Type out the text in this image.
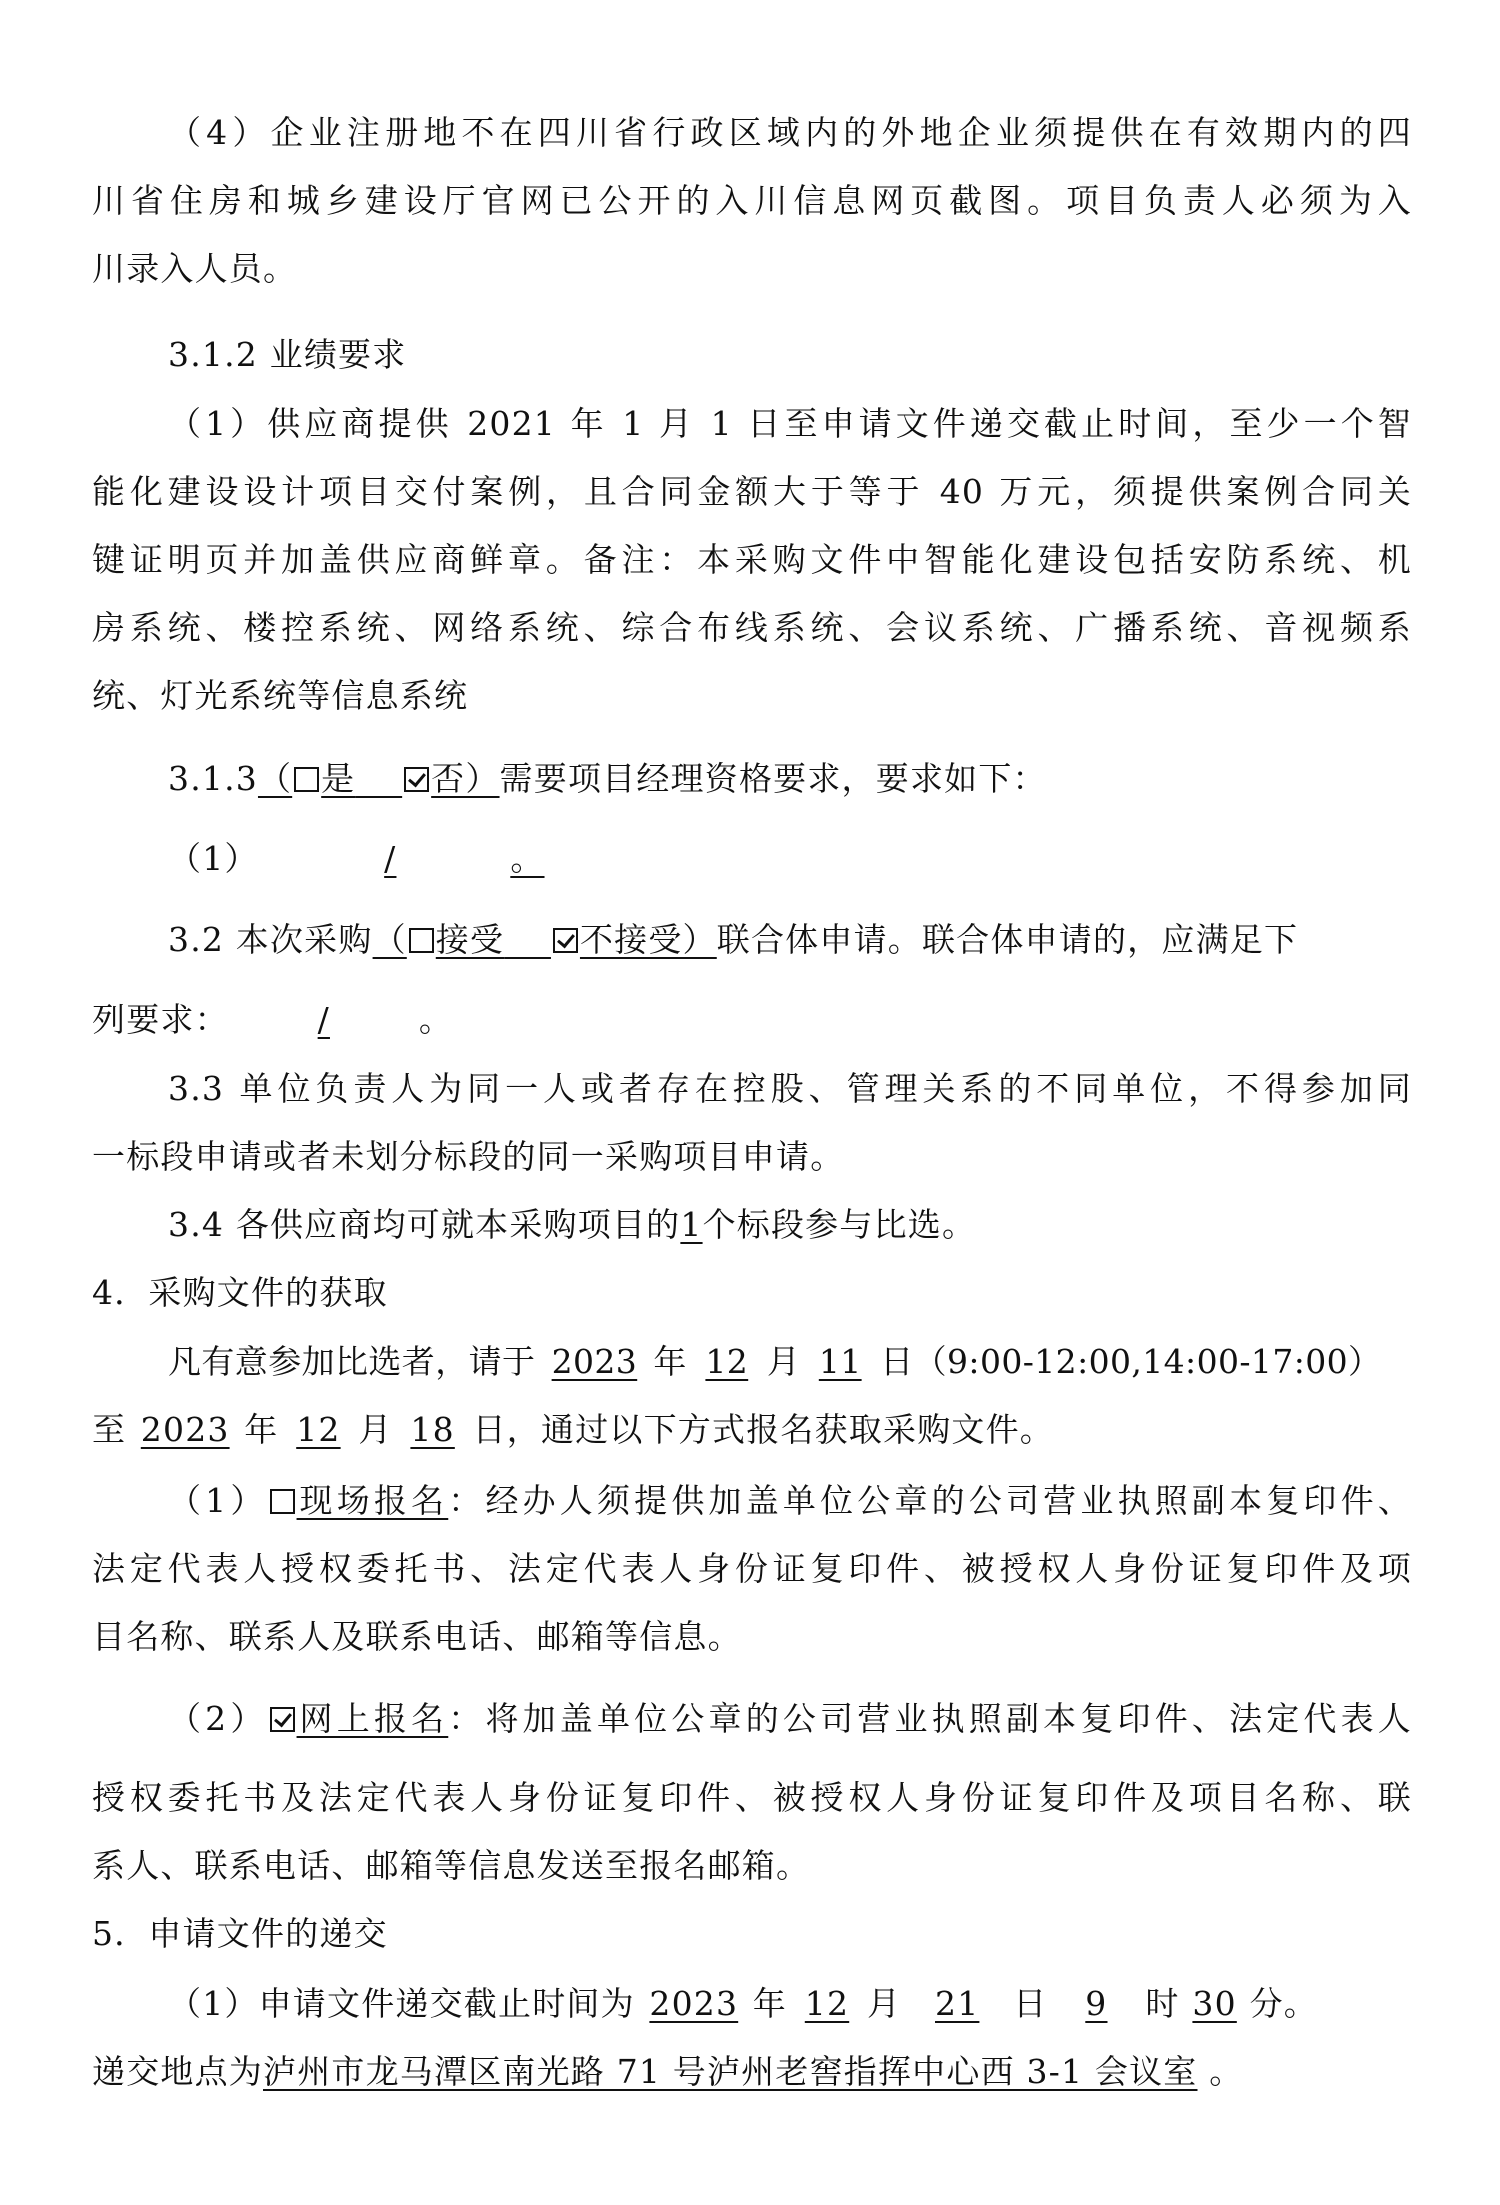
（4）企业注册地不在四川省行政区域内的外地企业须提供在有效期内的四
川省住房和城乡建设厅官网已公开的入川信息网页截图。项目负责人必须为入
川录入人员。
3.1.2 业绩要求
（1）供应商提供 2021 年 1 月 1 日至申请文件递交截止时间，至少一个智
能化建设设计项目交付案例，且合同金额大于等于 40 万元，须提供案例合同关
键证明页并加盖供应商鲜章。备注：本采购文件中智能化建设包括安防系统、机
房系统、楼控系统、网络系统、综合布线系统、会议系统、广播系统、音视频系
统、灯光系统等信息系统
3.1.3（ 是 否）需要项目经理资格要求，要求如下：
（1）	/	。
3.2 本次采购（ 接受 不接受）联合体申请。联合体申请的，应满足下
列要求：	/	。
3.3 单位负责人为同一人或者存在控股、管理关系的不同单位，不得参加同
一标段申请或者未划分标段的同一采购项目申请。
3.4 各供应商均可就本采购项目的1个标段参与比选。
4．采购文件的获取
凡有意参加比选者，请于 2023 年 12 月 11 日（9:00-12:00,14:00-17:00）
至 2023 年 12 月 18 日，通过以下方式报名获取采购文件。
（1） 现场报名：经办人须提供加盖单位公章的公司营业执照副本复印件、
法定代表人授权委托书、法定代表人身份证复印件、被授权人身份证复印件及项
目名称、联系人及联系电话、邮箱等信息。
（2） 网上报名：将加盖单位公章的公司营业执照副本复印件、法定代表人
授权委托书及法定代表人身份证复印件、被授权人身份证复印件及项目名称、联
系人、联系电话、邮箱等信息发送至报名邮箱。
5．申请文件的递交
（1）申请文件递交截止时间为 2023 年 12 月 21 日 9 时 30 分。
递交地点为泸州市龙马潭区南光路 71 号泸州老窖指挥中心西 3-1 会议室 。
